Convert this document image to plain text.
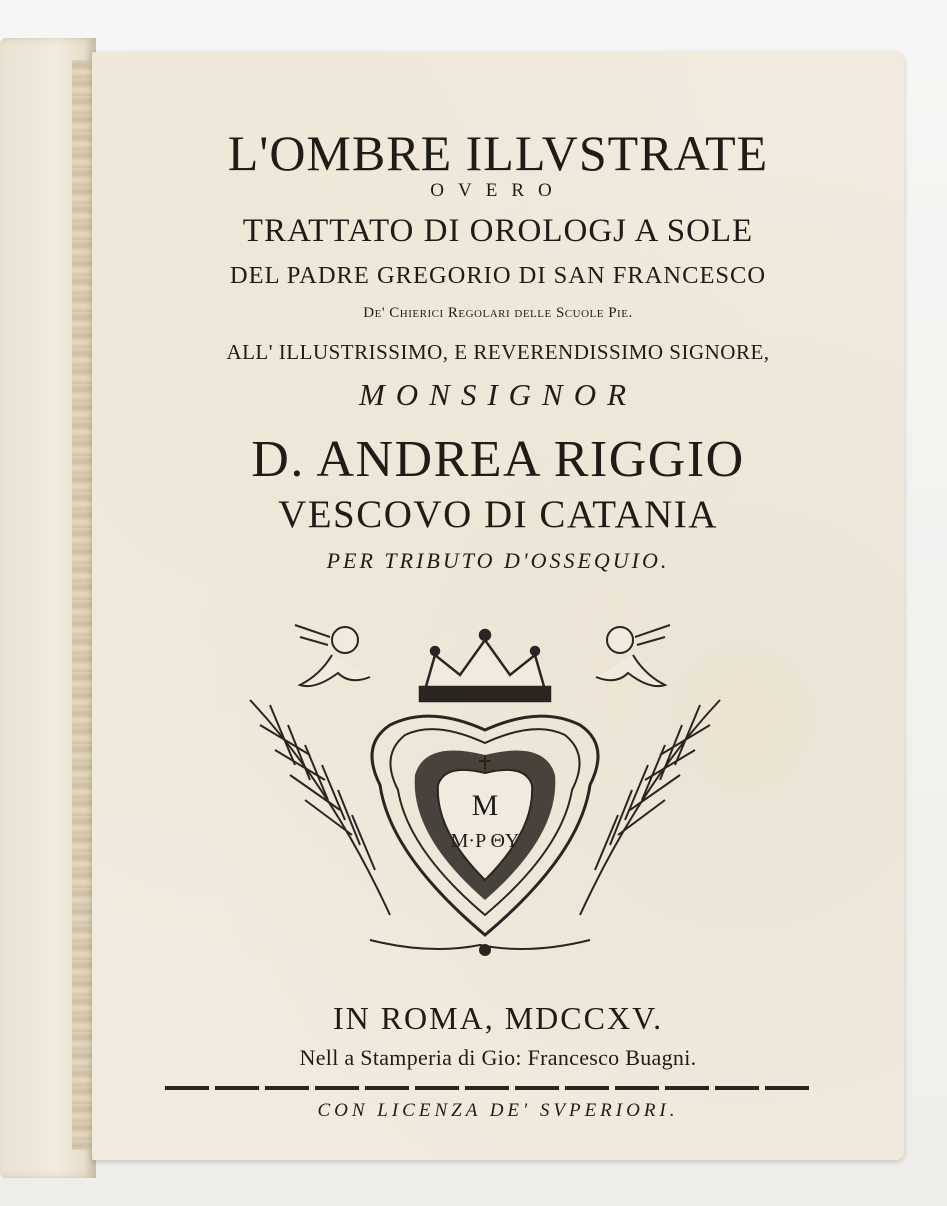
L'OMBRE ILLVSTRATE
OVERO
TRATTATO DI OROLOGJ A SOLE
DEL PADRE GREGORIO DI SAN FRANCESCO
De' Chierici Regolari delle Scuole Pie.
ALL' ILLUSTRISSIMO, E REVERENDISSIMO SIGNORE,
MONSIGNOR
D. ANDREA RIGGIO
VESCOVO DI CATANIA
PER TRIBUTO D'OSSEQUIO.
M
M·P ΘY
IN ROMA, MDCCXV.
Nell a Stamperia di Gio: Francesco Buagni.
CON LICENZA DE' SVPERIORI.
